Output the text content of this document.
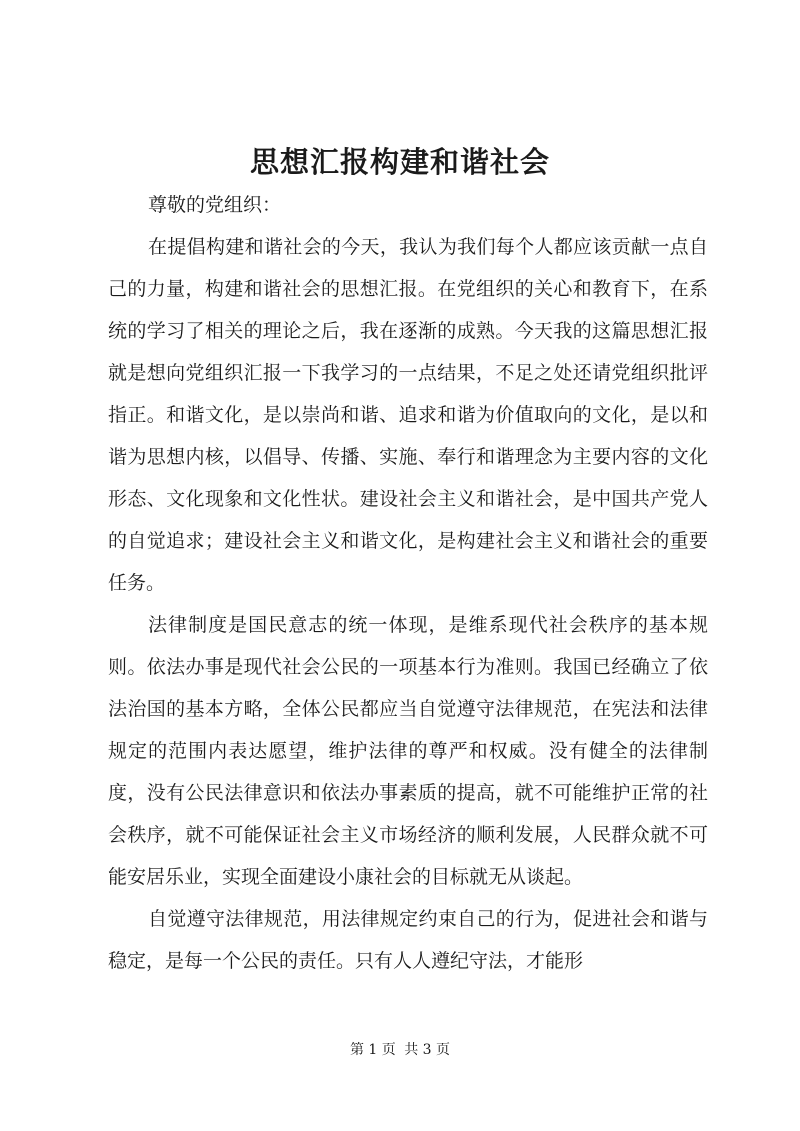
思想汇报构建和谐社会

尊敬的党组织：

在提倡构建和谐社会的今天，我认为我们每个人都应该贡献一点自己的力量，构建和谐社会的思想汇报。在党组织的关心和教育下，在系统的学习了相关的理论之后，我在逐渐的成熟。今天我的这篇思想汇报就是想向党组织汇报一下我学习的一点结果，不足之处还请党组织批评指正。和谐文化，是以崇尚和谐、追求和谐为价值取向的文化，是以和谐为思想内核，以倡导、传播、实施、奉行和谐理念为主要内容的文化形态、文化现象和文化性状。建设社会主义和谐社会，是中国共产党人的自觉追求；建设社会主义和谐文化，是构建社会主义和谐社会的重要任务。

法律制度是国民意志的统一体现，是维系现代社会秩序的基本规则。依法办事是现代社会公民的一项基本行为准则。我国已经确立了依法治国的基本方略，全体公民都应当自觉遵守法律规范，在宪法和法律规定的范围内表达愿望，维护法律的尊严和权威。没有健全的法律制度，没有公民法律意识和依法办事素质的提高，就不可能维护正常的社会秩序，就不可能保证社会主义市场经济的顺利发展，人民群众就不可能安居乐业，实现全面建设小康社会的目标就无从谈起。

自觉遵守法律规范，用法律规定约束自己的行为，促进社会和谐与稳定，是每一个公民的责任。只有人人遵纪守法，才能形

第 1 页 共 3 页
